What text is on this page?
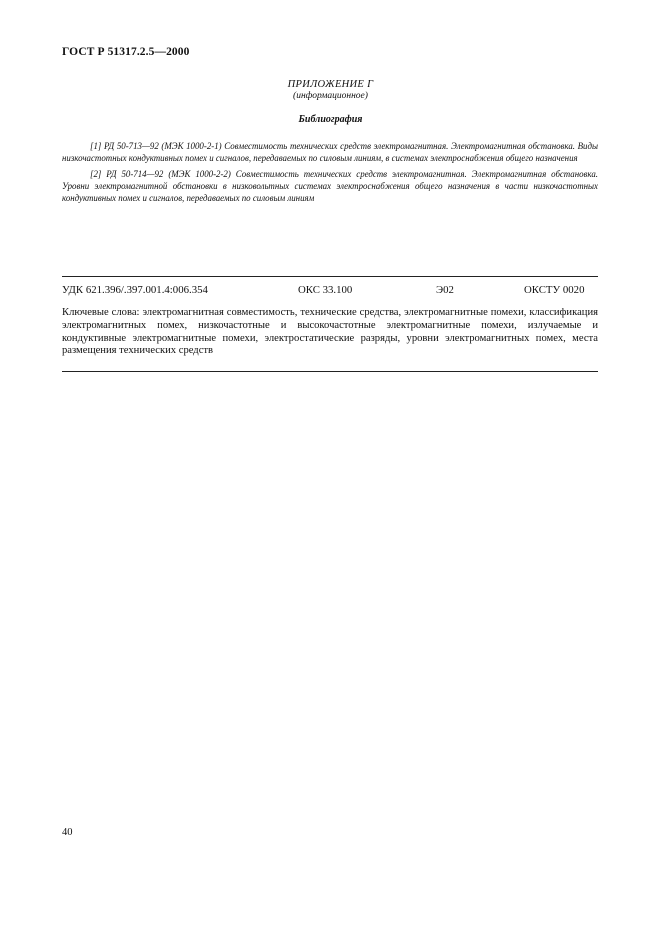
ГОСТ Р 51317.2.5—2000
ПРИЛОЖЕНИЕ Г
(информационное)
Библиография

[1] РД 50-713—92 (МЭК 1000-2-1) Совместимость технических средств электромагнитная. Электромагнитная обстановка. Виды низкочастотных кондуктивных помех и сигналов, передаваемых по силовым линиям, в системах электроснабжения общего назначения

[2] РД 50-714—92 (МЭК 1000-2-2) Совместимость технических средств электромагнитная. Электромагнитная обстановка. Уровни электромагнитной обстановки в низковольтных системах электроснабжения общего назначения в части низкочастотных кондуктивных помех и сигналов, передаваемых по силовым линиям

УДК 621.396/.397.001.4:006.354	ОКС 33.100	Э02	ОКСТУ 0020
Ключевые слова: электромагнитная совместимость, технические средства, электромагнитные помехи, классификация электромагнитных помех, низкочастотные и высокочастотные электромагнитные помехи, излучаемые и кондуктивные электромагнитные помехи, электростатические разряды, уровни электромагнитных помех, места размещения технических средств
40
